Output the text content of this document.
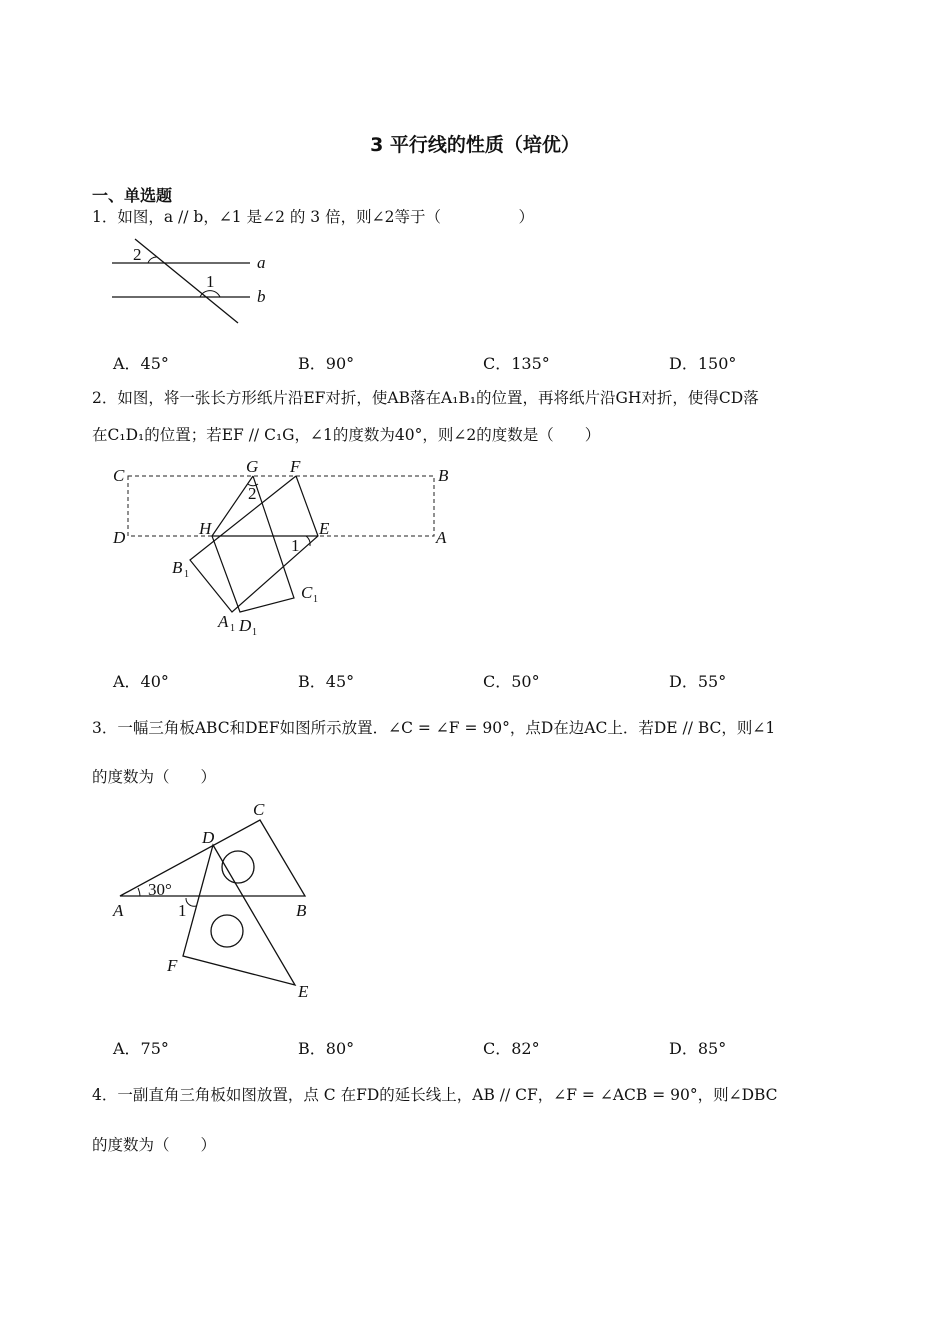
3 平行线的性质（培优）
一、单选题
1．如图，a // b，∠1 是∠2 的 3 倍，则∠2等于（　　　　　）
2
1
a
b
A．45°	B．90°	C．135°	D．150°
2．如图，将一张长方形纸片沿EF对折，使AB落在A₁B₁的位置，再将纸片沿GH对折，使得CD落
在C₁D₁的位置；若EF // C₁G，∠1的度数为40°，则∠2的度数是（　　）
C	G F	B
D	H	E	A
2
1
B 1
C 1
A 1 D 1
A．40°	B．45°	C．50°	D．55°
3．一幅三角板ABC和DEF如图所示放置．∠C = ∠F = 90°，点D在边AC上．若DE // BC，则∠1
的度数为（　　）
C
D
A
30°
1	B
F
E
A．75°	B．80°	C．82°	D．85°
4．一副直角三角板如图放置，点 C 在FD的延长线上，AB // CF，∠F = ∠ACB = 90°，则∠DBC
的度数为（　　）
